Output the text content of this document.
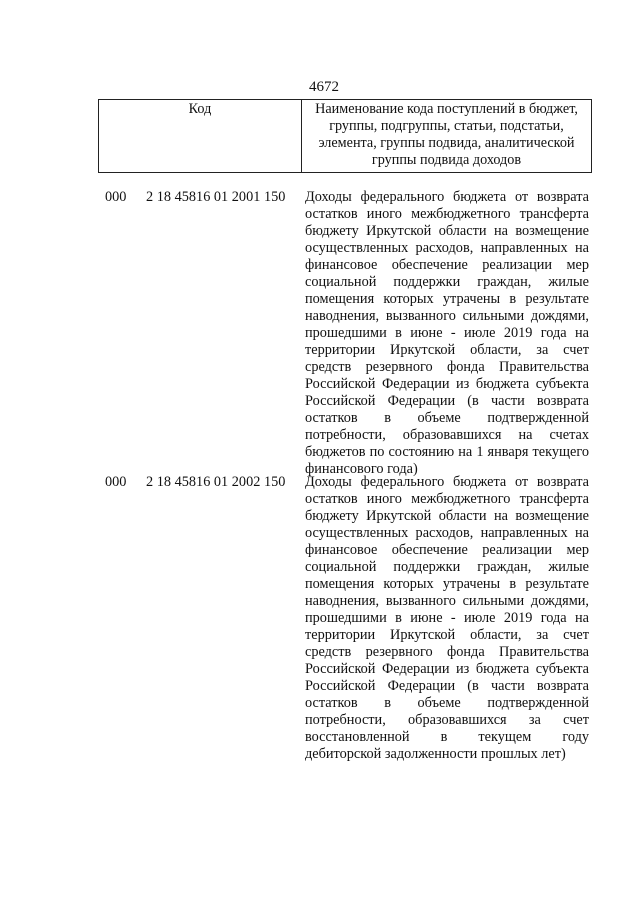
4672
Код	Наименование кода поступлений в бюджет, группы, подгруппы, статьи, подстатьи, элемента, группы подвида, аналитической группы подвида доходов
000 2 18 45816 01 2001 150 Доходы федерального бюджета от возврата
остатков иного межбюджетного трансферта
бюджету Иркутской области на возмещение
осуществленных расходов, направленных на
финансовое обеспечение реализации мер
социальной поддержки граждан, жилые
помещения которых утрачены в результате
наводнения, вызванного сильными дождями,
прошедшими в июне - июле 2019 года на
территории Иркутской области, за счет
средств резервного фонда Правительства
Российской Федерации из бюджета субъекта
Российской Федерации (в части возврата
остатков в объеме подтвержденной
потребности, образовавшихся на счетах
бюджетов по состоянию на 1 января текущего
финансового года)
000 2 18 45816 01 2002 150 Доходы федерального бюджета от возврата
остатков иного межбюджетного трансферта
бюджету Иркутской области на возмещение
осуществленных расходов, направленных на
финансовое обеспечение реализации мер
социальной поддержки граждан, жилые
помещения которых утрачены в результате
наводнения, вызванного сильными дождями,
прошедшими в июне - июле 2019 года на
территории Иркутской области, за счет
средств резервного фонда Правительства
Российской Федерации из бюджета субъекта
Российской Федерации (в части возврата
остатков в объеме подтвержденной
потребности, образовавшихся за счет
восстановленной в текущем году
дебиторской задолженности прошлых лет)
